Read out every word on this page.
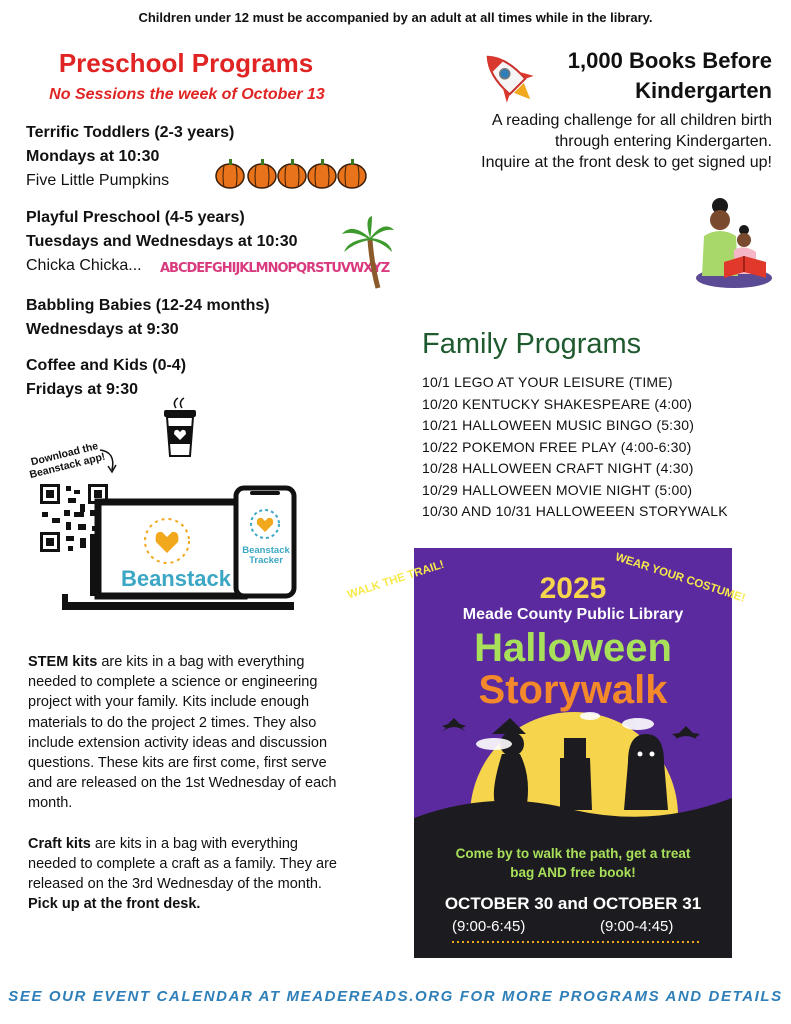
Children under 12 must be accompanied by an adult at all times while in the library.
Preschool Programs
No Sessions the week of October 13
Terrific Toddlers (2-3 years)
Mondays at 10:30
Five Little Pumpkins
Playful Preschool (4-5 years)
Tuesdays and Wednesdays at 10:30
Chicka Chicka...	ABCDEFGHIJKLMNOPQRSTUVWXYZ
Babbling Babies (12-24 months)
Wednesdays at 9:30
Coffee and Kids (0-4)
Fridays at 9:30
Download the Beanstack app!
Beanstack
Beanstack
Tracker
STEM kits are kits in a bag with everything needed to complete a science or engineering project with your family. Kits include enough materials to do the project 2 times. They also include extension activity ideas and discussion questions. These kits are first come, first serve and are released on the 1st Wednesday of each month.
Craft kits are kits in a bag with everything needed to complete a craft as a family. They are released on the 3rd Wednesday of the month.
Pick up at the front desk.
1,000 Books Before
Kindergarten
A reading challenge for all children birth
through entering Kindergarten.
Inquire at the front desk to get signed up!
Family Programs
10/1 LEGO AT YOUR LEISURE (TIME)
10/20 KENTUCKY SHAKESPEARE (4:00)
10/21 HALLOWEEN MUSIC BINGO (5:30)
10/22 POKEMON FREE PLAY (4:00-6:30)
10/28 HALLOWEEN CRAFT NIGHT (4:30)
10/29 HALLOWEEN MOVIE NIGHT (5:00)
10/30 AND 10/31 HALLOWEEEN STORYWALK
WALK THE TRAIL!	WEAR YOUR COSTUME!
2025
Meade County Public Library
Halloween
Storywalk
Come by to walk the path, get a treat
bag AND free book!
OCTOBER 30 and OCTOBER 31
(9:00-6:45)	(9:00-4:45)
SEE OUR EVENT CALENDAR AT MEADEREADS.ORG FOR MORE PROGRAMS AND DETAILS
